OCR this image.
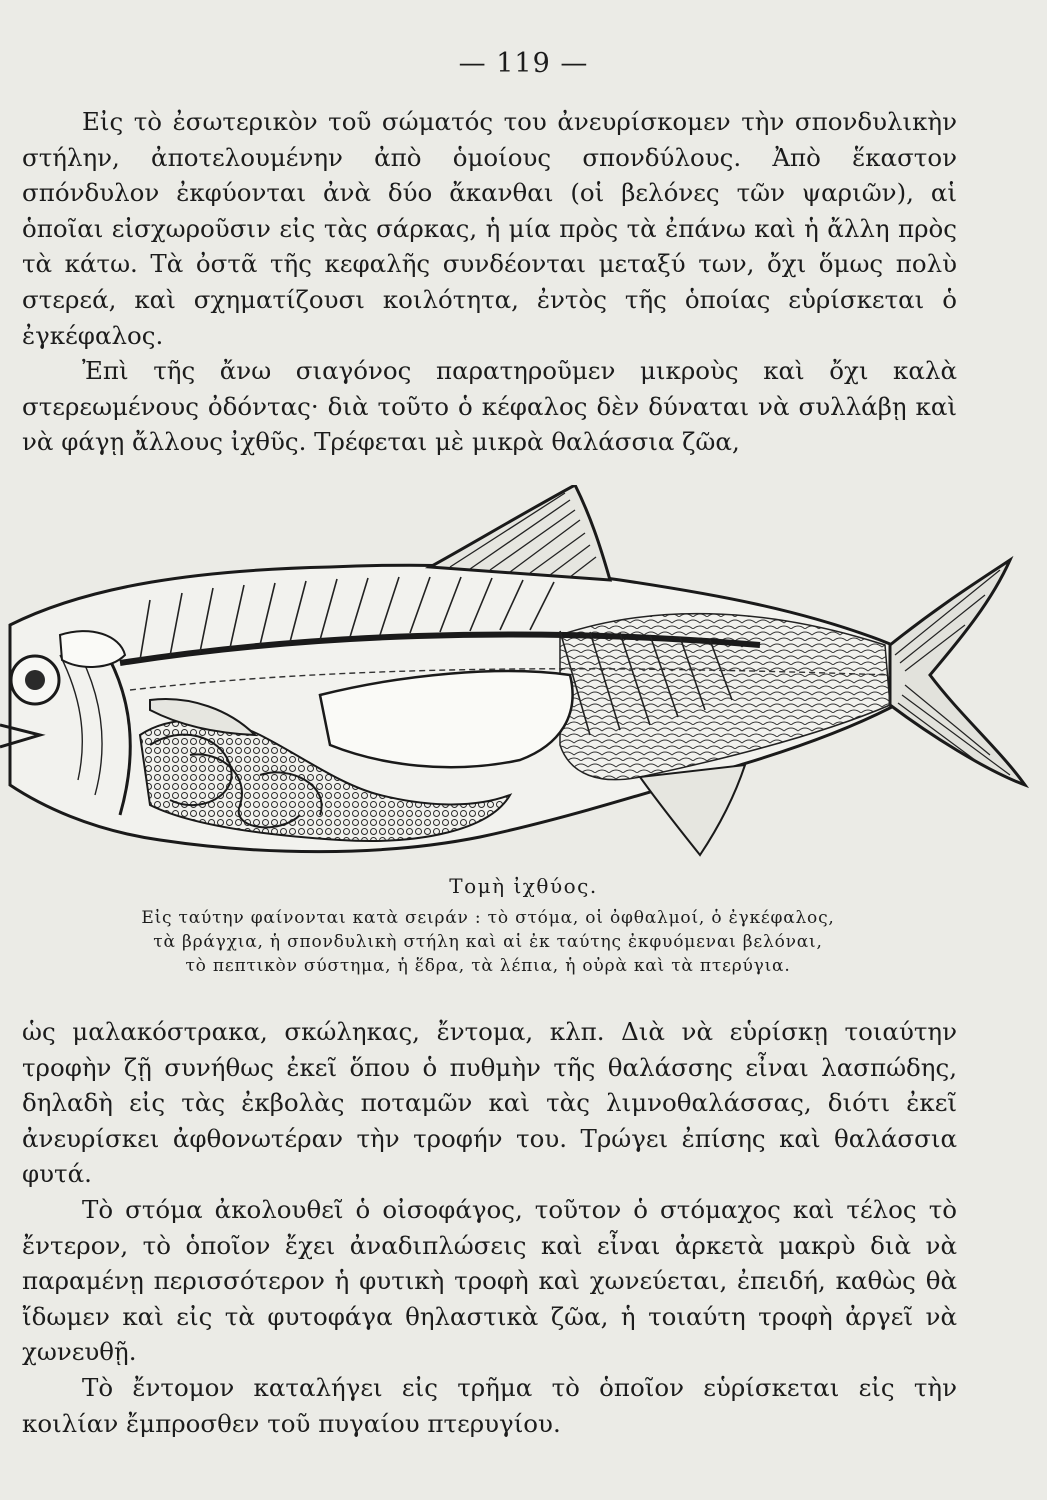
— 119 —

Εἰς τὸ ἐσωτερικὸν τοῦ σώματός του ἀνευρίσκομεν τὴν σπονδυλικὴν στήλην, ἀποτελουμένην ἀπὸ ὁμοίους σπονδύλους. Ἀπὸ ἕκαστον σπόνδυλον ἐκφύονται ἀνὰ δύο ἄκανθαι (οἱ βελόνες τῶν ψαριῶν), αἱ ὁποῖαι εἰσχωροῦσιν εἰς τὰς σάρκας, ἡ μία πρὸς τὰ ἐπάνω καὶ ἡ ἄλλη πρὸς τὰ κάτω. Τὰ ὀστᾶ τῆς κεφαλῆς συνδέονται μεταξύ των, ὄχι ὅμως πολὺ στερεά, καὶ σχηματίζουσι κοιλότητα, ἐντὸς τῆς ὁποίας εὑρίσκεται ὁ ἐγκέφαλος.

Ἐπὶ τῆς ἄνω σιαγόνος παρατηροῦμεν μικροὺς καὶ ὄχι καλὰ στερεωμένους ὀδόντας· διὰ τοῦτο ὁ κέφαλος δὲν δύναται νὰ συλλάβῃ καὶ νὰ φάγῃ ἄλλους ἰχθῦς. Τρέφεται μὲ μικρὰ θαλάσσια ζῶα,

Τομὴ ἰχθύος.
Εἰς ταύτην φαίνονται κατὰ σειράν : τὸ στόμα, οἱ ὀφθαλμοί, ὁ ἐγκέφαλος,
τὰ βράγχια, ἡ σπονδυλικὴ στήλη καὶ αἱ ἐκ ταύτης ἐκφυόμεναι βελόναι,
τὸ πεπτικὸν σύστημα, ἡ ἕδρα, τὰ λέπια, ἡ οὐρὰ καὶ τὰ πτερύγια.

ὡς μαλακόστρακα, σκώληκας, ἔντομα, κλπ. Διὰ νὰ εὑρίσκῃ τοιαύτην τροφὴν ζῇ συνήθως ἐκεῖ ὅπου ὁ πυθμὴν τῆς θαλάσσης εἶναι λασπώδης, δηλαδὴ εἰς τὰς ἐκβολὰς ποταμῶν καὶ τὰς λιμνοθαλάσσας, διότι ἐκεῖ ἀνευρίσκει ἀφθονωτέραν τὴν τροφήν του. Τρώγει ἐπίσης καὶ θαλάσσια φυτά.

Τὸ στόμα ἀκολουθεῖ ὁ οἰσοφάγος, τοῦτον ὁ στόμαχος καὶ τέλος τὸ ἔντερον, τὸ ὁποῖον ἔχει ἀναδιπλώσεις καὶ εἶναι ἀρκετὰ μακρὺ διὰ νὰ παραμένῃ περισσότερον ἡ φυτικὴ τροφὴ καὶ χωνεύεται, ἐπειδή, καθὼς θὰ ἴδωμεν καὶ εἰς τὰ φυτοφάγα θηλαστικὰ ζῶα, ἡ τοιαύτη τροφὴ ἀργεῖ νὰ χωνευθῇ.

Τὸ ἔντομον καταλήγει εἰς τρῆμα τὸ ὁποῖον εὑρίσκεται εἰς τὴν κοιλίαν ἔμπροσθεν τοῦ πυγαίου πτερυγίου.
